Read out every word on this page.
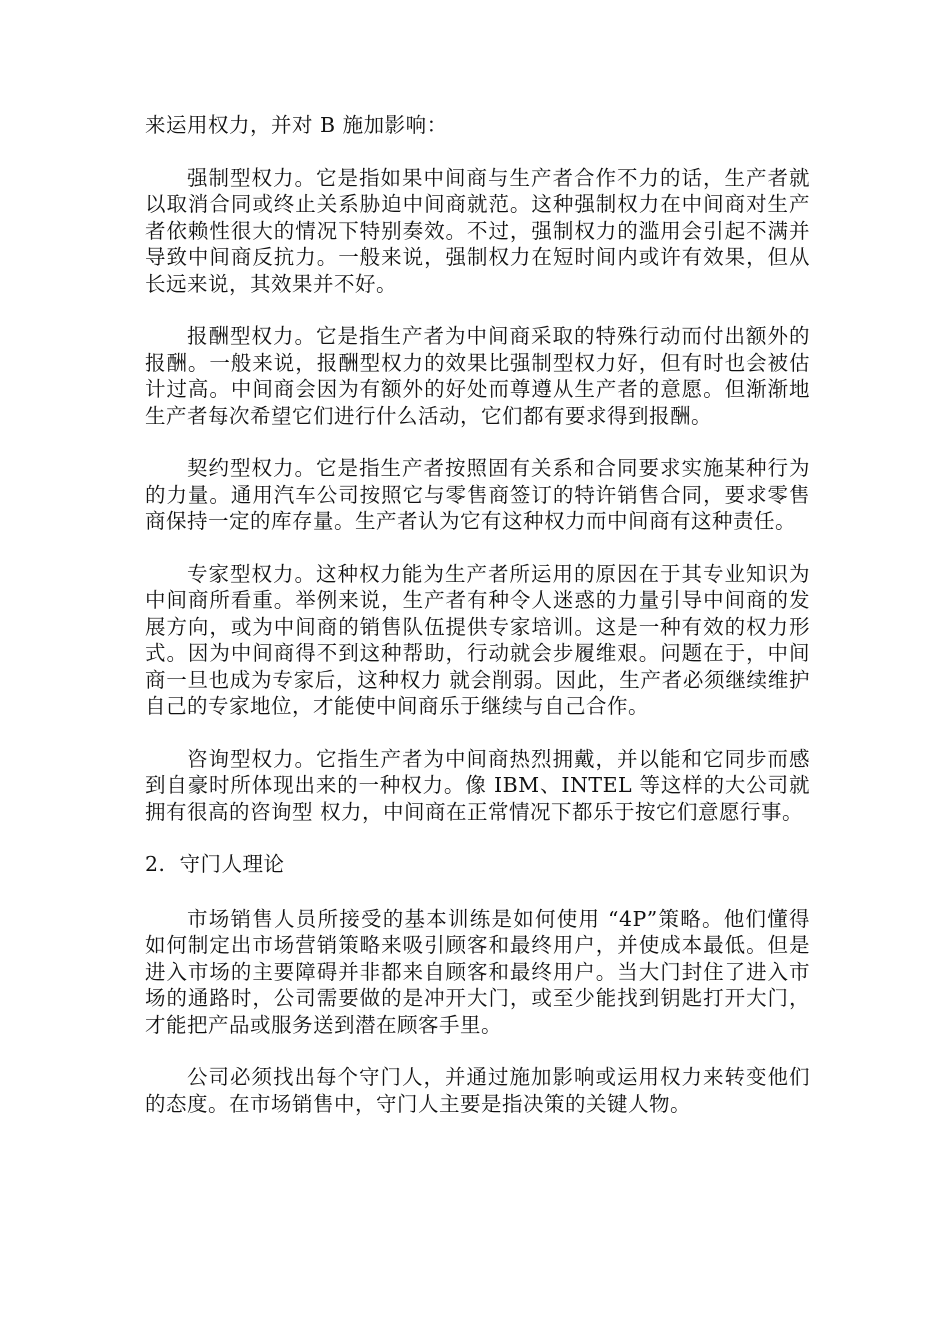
来运用权力，并对 B 施加影响：

强制型权力。它是指如果中间商与生产者合作不力的话，生产者就以取消合同或终止关系胁迫中间商就范。这种强制权力在中间商对生产者依赖性很大的情况下特别奏效。不过，强制权力的滥用会引起不满并导致中间商反抗力。一般来说，强制权力在短时间内或许有效果，但从长远来说，其效果并不好。

报酬型权力。它是指生产者为中间商采取的特殊行动而付出额外的报酬。一般来说，报酬型权力的效果比强制型权力好，但有时也会被估计过高。中间商会因为有额外的好处而尊遵从生产者的意愿。但渐渐地生产者每次希望它们进行什么活动，它们都有要求得到报酬。

契约型权力。它是指生产者按照固有关系和合同要求实施某种行为的力量。通用汽车公司按照它与零售商签订的特许销售合同，要求零售商保持一定的库存量。生产者认为它有这种权力而中间商有这种责任。

专家型权力。这种权力能为生产者所运用的原因在于其专业知识为中间商所看重。举例来说，生产者有种令人迷惑的力量引导中间商的发展方向，或为中间商的销售队伍提供专家培训。这是一种有效的权力形式。因为中间商得不到这种帮助，行动就会步履维艰。问题在于，中间商一旦也成为专家后，这种权力 就会削弱。因此，生产者必须继续维护自己的专家地位，才能使中间商乐于继续与自己合作。

咨询型权力。它指生产者为中间商热烈拥戴，并以能和它同步而感到自豪时所体现出来的一种权力。像 IBM、INTEL 等这样的大公司就拥有很高的咨询型 权力，中间商在正常情况下都乐于按它们意愿行事。

2．守门人理论

市场销售人员所接受的基本训练是如何使用 “4P”策略。他们懂得如何制定出市场营销策略来吸引顾客和最终用户，并使成本最低。但是进入市场的主要障碍并非都来自顾客和最终用户。当大门封住了进入市场的通路时，公司需要做的是冲开大门，或至少能找到钥匙打开大门，才能把产品或服务送到潜在顾客手里。

公司必须找出每个守门人，并通过施加影响或运用权力来转变他们的态度。在市场销售中，守门人主要是指决策的关键人物。
